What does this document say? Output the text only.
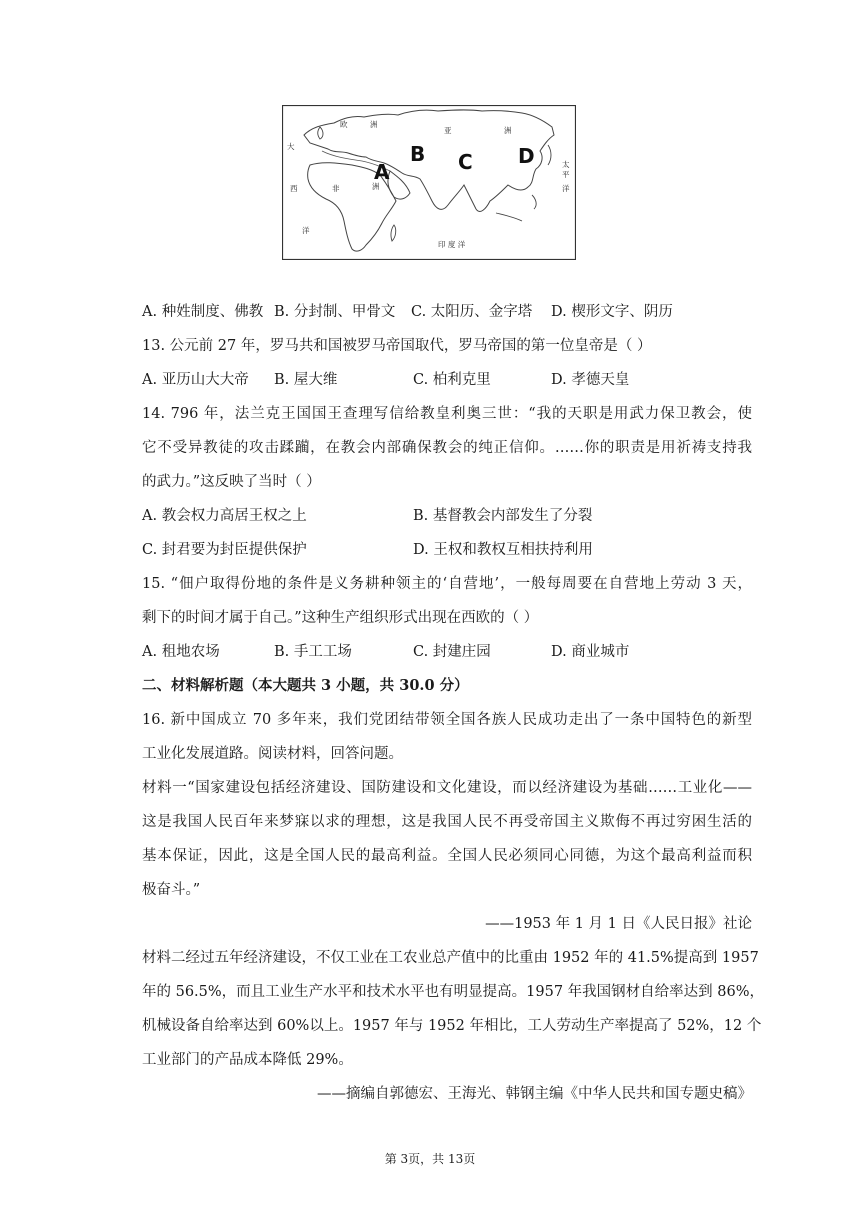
欧	洲
亚	洲
大
西
洋
非	洲
太
平
洋
印 度 洋
A
B C D
A. 种姓制度、佛教 B. 分封制、甲骨文 C. 太阳历、金字塔 D. 楔形文字、阴历
13. 公元前 27 年，罗马共和国被罗马帝国取代，罗马帝国的第一位皇帝是（ ）
A. 亚历山大大帝 B. 屋大维	C. 柏利克里	D. 孝德天皇
14. 796 年，法兰克王国国王查理写信给教皇利奥三世：“我的天职是用武力保卫教会，使
它不受异教徒的攻击蹂躏，在教会内部确保教会的纯正信仰。……你的职责是用祈祷支持我
的武力。”这反映了当时（ ）
A. 教会权力高居王权之上	B. 基督教会内部发生了分裂
C. 封君要为封臣提供保护	D. 王权和教权互相扶持利用
15. “佃户取得份地的条件是义务耕种领主的‘自营地’，一般每周要在自营地上劳动 3 天，
剩下的时间才属于自己。”这种生产组织形式出现在西欧的（ ）
A. 租地农场	B. 手工工场	C. 封建庄园	D. 商业城市
二、材料解析题（本大题共 3 小题，共 30.0 分）
16. 新中国成立 70 多年来，我们党团结带领全国各族人民成功走出了一条中国特色的新型
工业化发展道路。阅读材料，回答问题。
材料一“国家建设包括经济建设、国防建设和文化建设，而以经济建设为基础……工业化——
这是我国人民百年来梦寐以求的理想，这是我国人民不再受帝国主义欺侮不再过穷困生活的
基本保证，因此，这是全国人民的最高利益。全国人民必须同心同德，为这个最高利益而积
极奋斗。”
——1953 年 1 月 1 日《人民日报》社论
材料二经过五年经济建设，不仅工业在工农业总产值中的比重由 1952 年的 41.5%提高到 1957
年的 56.5%，而且工业生产水平和技术水平也有明显提高。1957 年我国钢材自给率达到 86%，
机械设备自给率达到 60%以上。1957 年与 1952 年相比，工人劳动生产率提高了 52%，12 个
工业部门的产品成本降低 29%。
——摘编自郭德宏、王海光、韩钢主编《中华人民共和国专题史稿》
第 3页，共 13页
